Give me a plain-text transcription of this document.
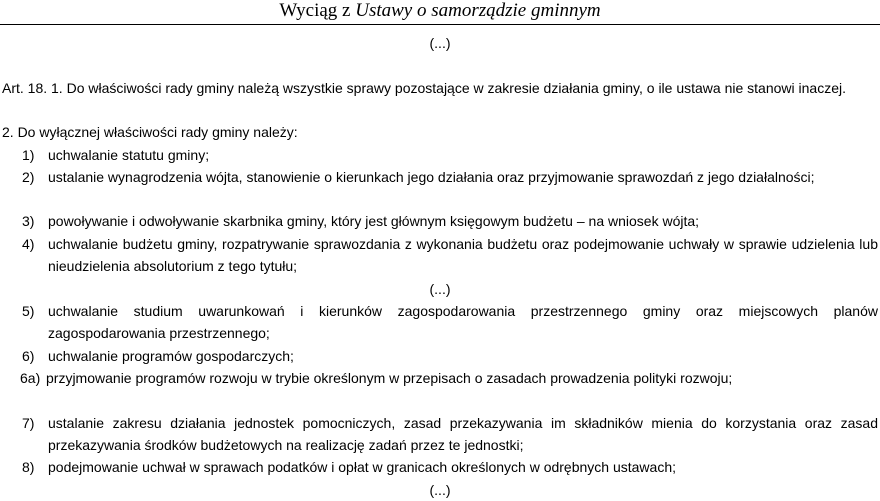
Wyciąg z Ustawy o samorządzie gminnym
(...)
Art. 18. 1. Do właściwości rady gminy należą wszystkie sprawy pozostające w zakresie działania gminy, o ile ustawa nie stanowi inaczej.
2. Do wyłącznej właściwości rady gminy należy:
1) uchwalanie statutu gminy;
2) ustalanie wynagrodzenia wójta, stanowienie o kierunkach jego działania oraz przyjmowanie sprawozdań z jego działalności;
3) powoływanie i odwoływanie skarbnika gminy, który jest głównym księgowym budżetu – na wniosek wójta;
4) uchwalanie budżetu gminy, rozpatrywanie sprawozdania z wykonania budżetu oraz podejmowanie uchwały w sprawie udzielenia lub nieudzielenia absolutorium z tego tytułu;
(...)
5) uchwalanie studium uwarunkowań i kierunków zagospodarowania przestrzennego gminy oraz miejscowych planów zagospodarowania przestrzennego;
6) uchwalanie programów gospodarczych;
6a) przyjmowanie programów rozwoju w trybie określonym w przepisach o zasadach prowadzenia polityki rozwoju;
7) ustalanie zakresu działania jednostek pomocniczych, zasad przekazywania im składników mienia do korzystania oraz zasad przekazywania środków budżetowych na realizację zadań przez te jednostki;
8) podejmowanie uchwał w sprawach podatków i opłat w granicach określonych w odrębnych ustawach;
(...)
